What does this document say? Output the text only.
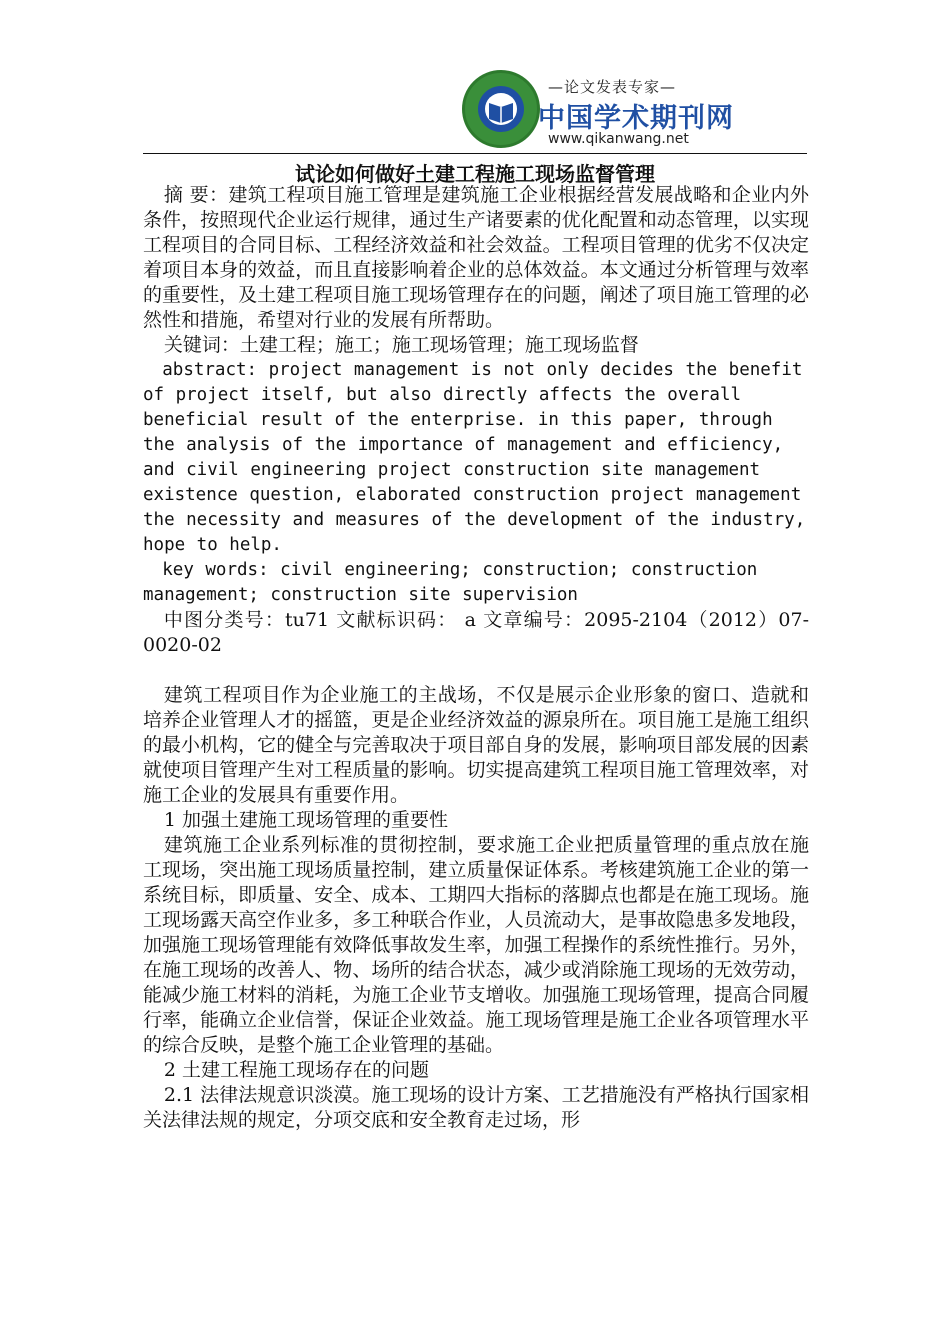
—论文发表专家—
中国学术期刊网
www.qikanwang.net
试论如何做好土建工程施工现场监督管理

摘 要：建筑工程项目施工管理是建筑施工企业根据经营发展战略和企业内外条件，按照现代企业运行规律，通过生产诸要素的优化配置和动态管理，以实现工程项目的合同目标、工程经济效益和社会效益。工程项目管理的优劣不仅决定着项目本身的效益，而且直接影响着企业的总体效益。本文通过分析管理与效率的重要性，及土建工程项目施工现场管理存在的问题，阐述了项目施工管理的必然性和措施，希望对行业的发展有所帮助。

关键词：土建工程；施工；施工现场管理；施工现场监督

abstract: project management is not only decides the benefit of project itself, but also directly affects the overall beneficial result of the enterprise. in this paper, through the analysis of the importance of management and efficiency, and civil engineering project construction site management existence question, elaborated construction project management the necessity and measures of the development of the industry, hope to help.

key words: civil engineering; construction; construction management; construction site supervision

中图分类号：tu71 文献标识码： a 文章编号：2095-2104（2012）07-0020-02

建筑工程项目作为企业施工的主战场，不仅是展示企业形象的窗口、造就和培养企业管理人才的摇篮，更是企业经济效益的源泉所在。项目施工是施工组织的最小机构，它的健全与完善取决于项目部自身的发展，影响项目部发展的因素就使项目管理产生对工程质量的影响。切实提高建筑工程项目施工管理效率，对施工企业的发展具有重要作用。

1 加强土建施工现场管理的重要性

建筑施工企业系列标准的贯彻控制，要求施工企业把质量管理的重点放在施工现场，突出施工现场质量控制，建立质量保证体系。考核建筑施工企业的第一系统目标，即质量、安全、成本、工期四大指标的落脚点也都是在施工现场。施工现场露天高空作业多，多工种联合作业，人员流动大，是事故隐患多发地段，加强施工现场管理能有效降低事故发生率，加强工程操作的系统性推行。另外，在施工现场的改善人、物、场所的结合状态，减少或消除施工现场的无效劳动，能减少施工材料的消耗，为施工企业节支增收。加强施工现场管理，提高合同履行率，能确立企业信誉，保证企业效益。施工现场管理是施工企业各项管理水平的综合反映，是整个施工企业管理的基础。

2 土建工程施工现场存在的问题

2.1 法律法规意识淡漠。施工现场的设计方案、工艺措施没有严格执行国家相关法律法规的规定，分项交底和安全教育走过场，形
